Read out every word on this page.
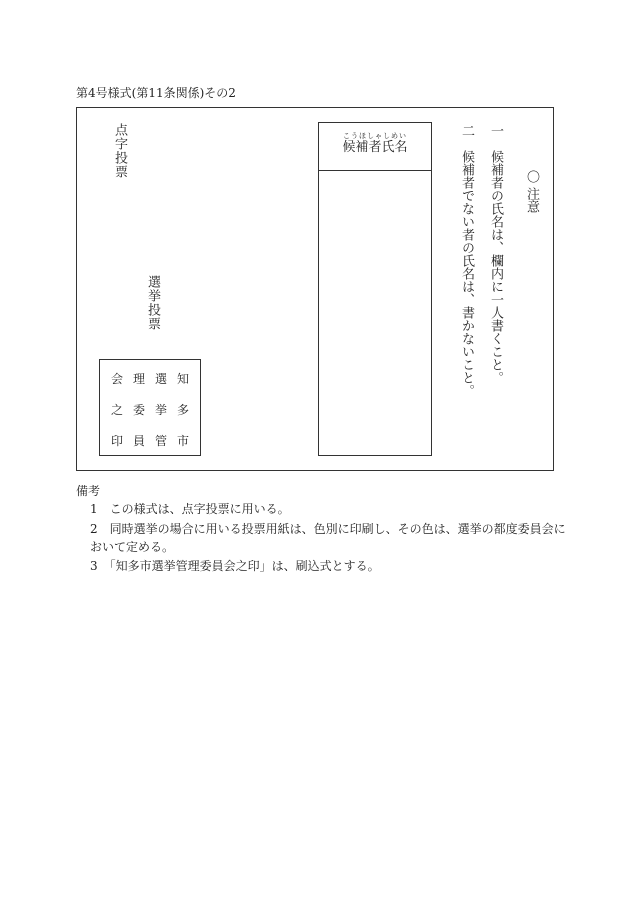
第4号様式(第11条関係)その2
点字投票
選挙投票
会 理 選 知
之 委 挙 多
印 員 管 市
こうほしゃしめい
候補者氏名
〇 注意
一　候補者の氏名は、欄内に一人書くこと。
二　候補者でない者の氏名は、書かないこと。
備考
1　 この様式は、点字投票に用いる。
2　 同時選挙の場合に用いる投票用紙は、色別に印刷し、その色は、選挙の都度委員会に
おいて定める。
3　 「知多市選挙管理委員会之印」は、刷込式とする。
